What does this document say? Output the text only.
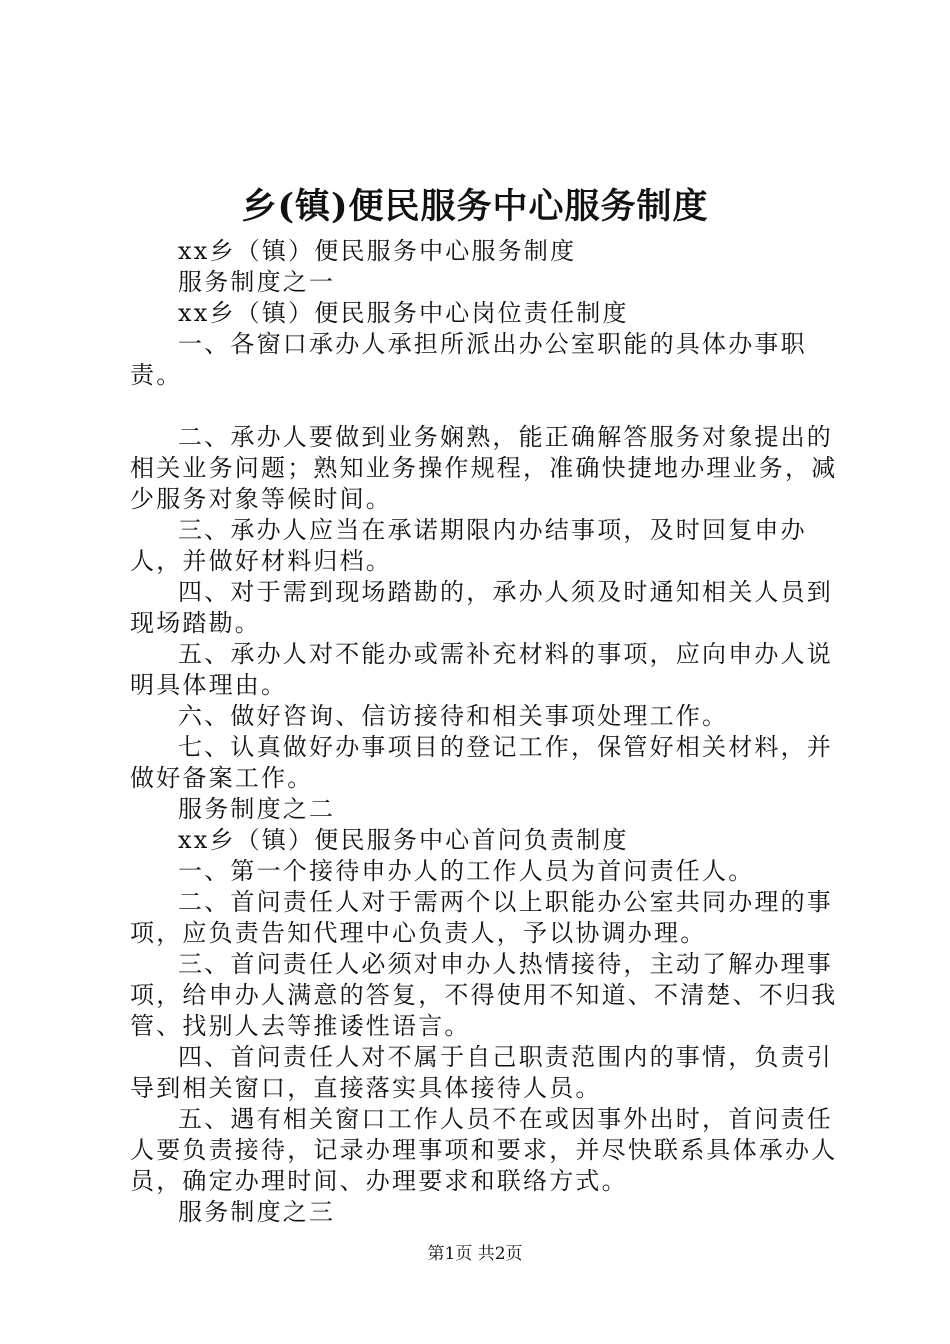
乡(镇)便民服务中心服务制度

xx乡（镇）便民服务中心服务制度

服务制度之一

xx乡（镇）便民服务中心岗位责任制度

一、各窗口承办人承担所派出办公室职能的具体办事职责。

二、承办人要做到业务娴熟，能正确解答服务对象提出的相关业务问题；熟知业务操作规程，准确快捷地办理业务，减少服务对象等候时间。

三、承办人应当在承诺期限内办结事项，及时回复申办人，并做好材料归档。

四、对于需到现场踏勘的，承办人须及时通知相关人员到现场踏勘。

五、承办人对不能办或需补充材料的事项，应向申办人说明具体理由。

六、做好咨询、信访接待和相关事项处理工作。

七、认真做好办事项目的登记工作，保管好相关材料，并做好备案工作。

服务制度之二

xx乡（镇）便民服务中心首问负责制度

一、第一个接待申办人的工作人员为首问责任人。

二、首问责任人对于需两个以上职能办公室共同办理的事项，应负责告知代理中心负责人，予以协调办理。

三、首问责任人必须对申办人热情接待，主动了解办理事项，给申办人满意的答复，不得使用不知道、不清楚、不归我管、找别人去等推诿性语言。

四、首问责任人对不属于自己职责范围内的事情，负责引导到相关窗口，直接落实具体接待人员。

五、遇有相关窗口工作人员不在或因事外出时，首问责任人要负责接待，记录办理事项和要求，并尽快联系具体承办人员，确定办理时间、办理要求和联络方式。

服务制度之三

第1页 共2页
